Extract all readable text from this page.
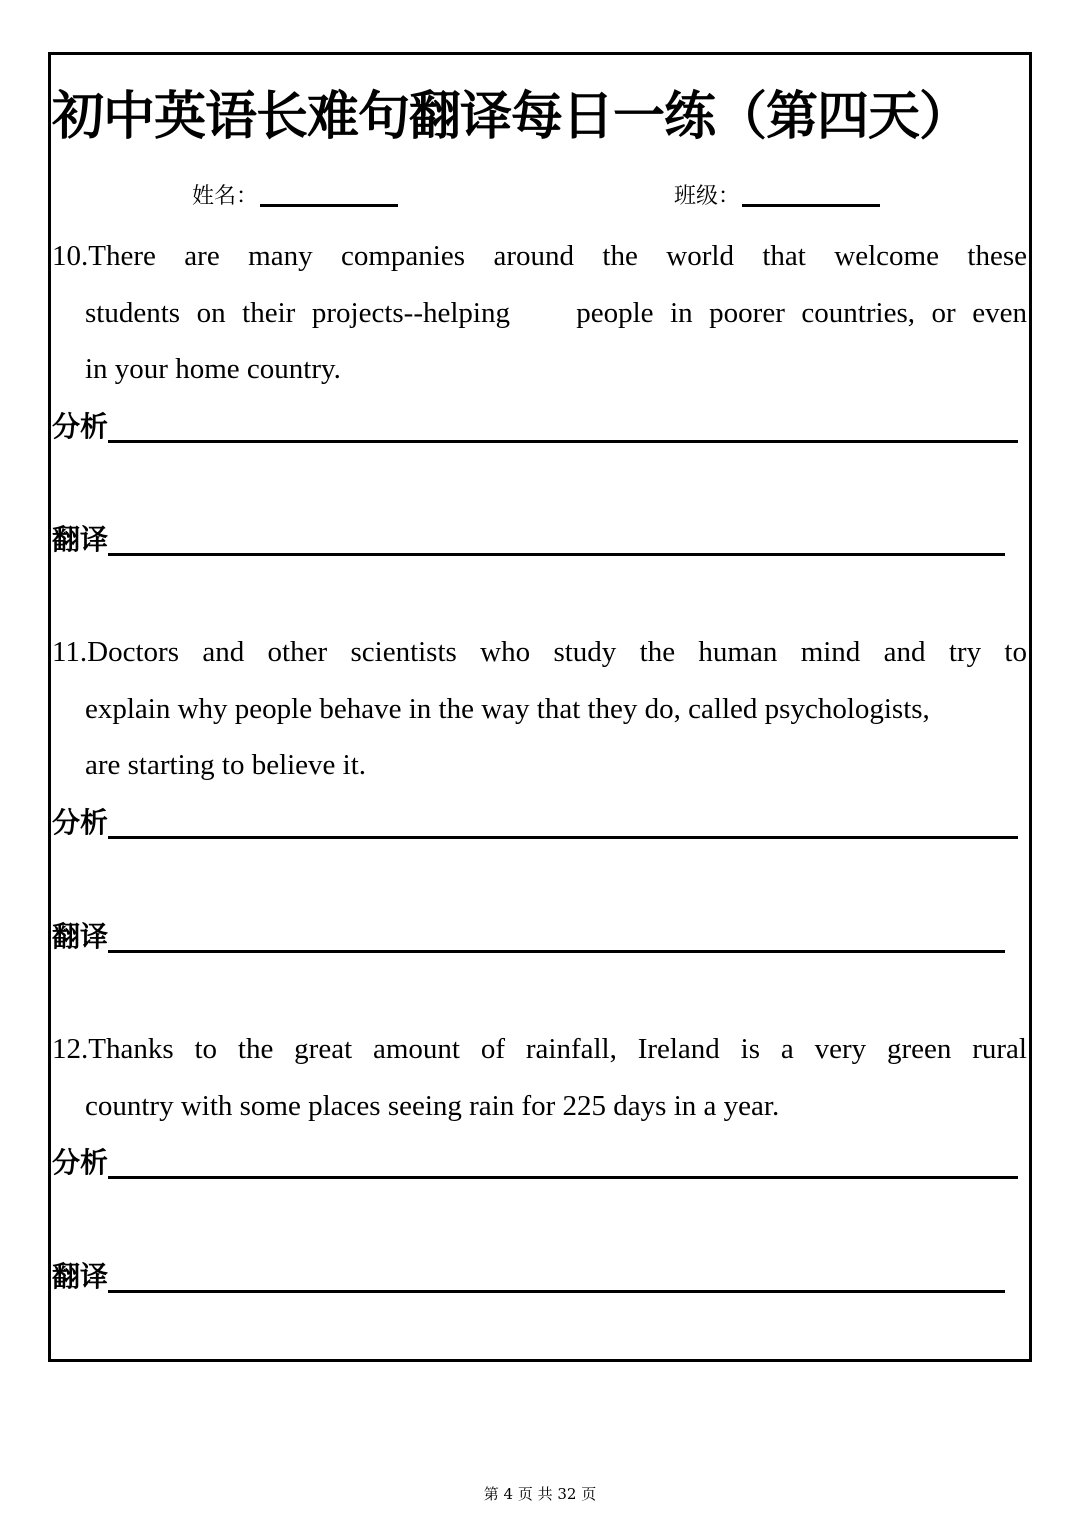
初中英语长难句翻译每日一练（第四天）
姓名：	班级：

10.There are many companies around the world that welcome these
students on their projects--helping    people in poorer countries, or even
in your home country.

分析
翻译

11.Doctors and other scientists who study the human mind and try to
explain why people behave in the way that they do, called psychologists,
are starting to believe it.

分析
翻译

12.Thanks to the great amount of rainfall, Ireland is a very green rural
country with some places seeing rain for 225 days in a year.

分析
翻译
第 4 页 共 32 页
